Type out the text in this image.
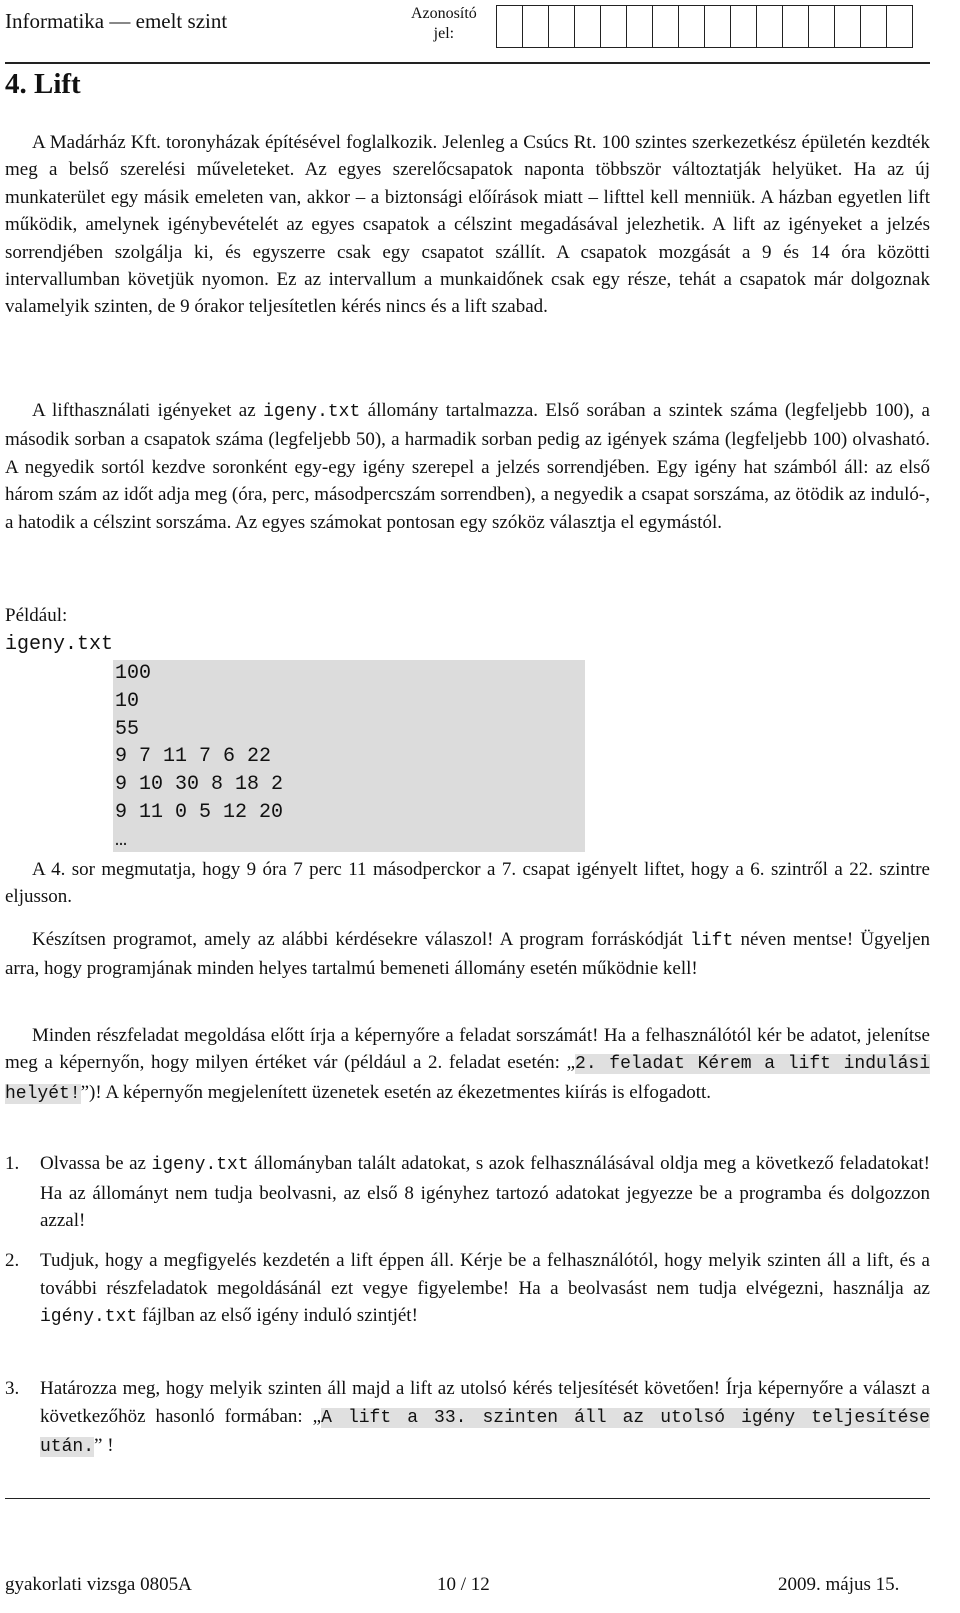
Informatika — emelt szint	Azonosító
jel:
4. Lift

A Madárház Kft. toronyházak építésével foglalkozik. Jelenleg a Csúcs Rt. 100 szintes szerkezetkész épületén kezdték meg a belső szerelési műveleteket. Az egyes szerelőcsapatok naponta többször változtatják helyüket. Ha az új munkaterület egy másik emeleten van, akkor – a biztonsági előírások miatt – lifttel kell menniük. A házban egyetlen lift működik, amelynek igénybevételét az egyes csapatok a célszint megadásával jelezhetik. A lift az igényeket a jelzés sorrendjében szolgálja ki, és egyszerre csak egy csapatot szállít. A csapatok mozgását a 9 és 14 óra közötti intervallumban követjük nyomon. Ez az intervallum a munkaidőnek csak egy része, tehát a csapatok már dolgoznak valamelyik szinten, de 9 órakor teljesítetlen kérés nincs és a lift szabad.

A lifthasználati igényeket az igeny.txt állomány tartalmazza. Első sorában a szintek száma (legfeljebb 100), a második sorban a csapatok száma (legfeljebb 50), a harmadik sorban pedig az igények száma (legfeljebb 100) olvasható. A negyedik sortól kezdve soronként egy-egy igény szerepel a jelzés sorrendjében. Egy igény hat számból áll: az első három szám az időt adja meg (óra, perc, másodpercszám sorrendben), a negyedik a csapat sorszáma, az ötödik az induló-, a hatodik a célszint sorszáma. Az egyes számokat pontosan egy szóköz választja el egymástól.

Például:
igeny.txt
100
10
55
9 7 11 7 6 22
9 10 30 8 18 2
9 11 0 5 12 20
…

A 4. sor megmutatja, hogy 9 óra 7 perc 11 másodperckor a 7. csapat igényelt liftet, hogy a 6. szintről a 22. szintre eljusson.

Készítsen programot, amely az alábbi kérdésekre válaszol! A program forráskódját lift néven mentse! Ügyeljen arra, hogy programjának minden helyes tartalmú bemeneti állomány esetén működnie kell!

Minden részfeladat megoldása előtt írja a képernyőre a feladat sorszámát! Ha a felhasználótól kér be adatot, jelenítse meg a képernyőn, hogy milyen értéket vár (például a 2. feladat esetén: „2. feladat Kérem a lift indulási helyét!”)! A képernyőn megjelenített üzenetek esetén az ékezetmentes kiírás is elfogadott.

1. Olvassa be az igeny.txt állományban talált adatokat, s azok felhasználásával oldja meg a következő feladatokat! Ha az állományt nem tudja beolvasni, az első 8 igényhez tartozó adatokat jegyezze be a programba és dolgozzon azzal!
2. Tudjuk, hogy a megfigyelés kezdetén a lift éppen áll. Kérje be a felhasználótól, hogy melyik szinten áll a lift, és a további részfeladatok megoldásánál ezt vegye figyelembe! Ha a beolvasást nem tudja elvégezni, használja az igény.txt fájlban az első igény induló szintjét!
3. Határozza meg, hogy melyik szinten áll majd a lift az utolsó kérés teljesítését követően! Írja képernyőre a választ a következőhöz hasonló formában: „A lift a 33. szinten áll az utolsó igény teljesítése után.” !
gyakorlati vizsga 0805A	10 / 12	2009. május 15.
